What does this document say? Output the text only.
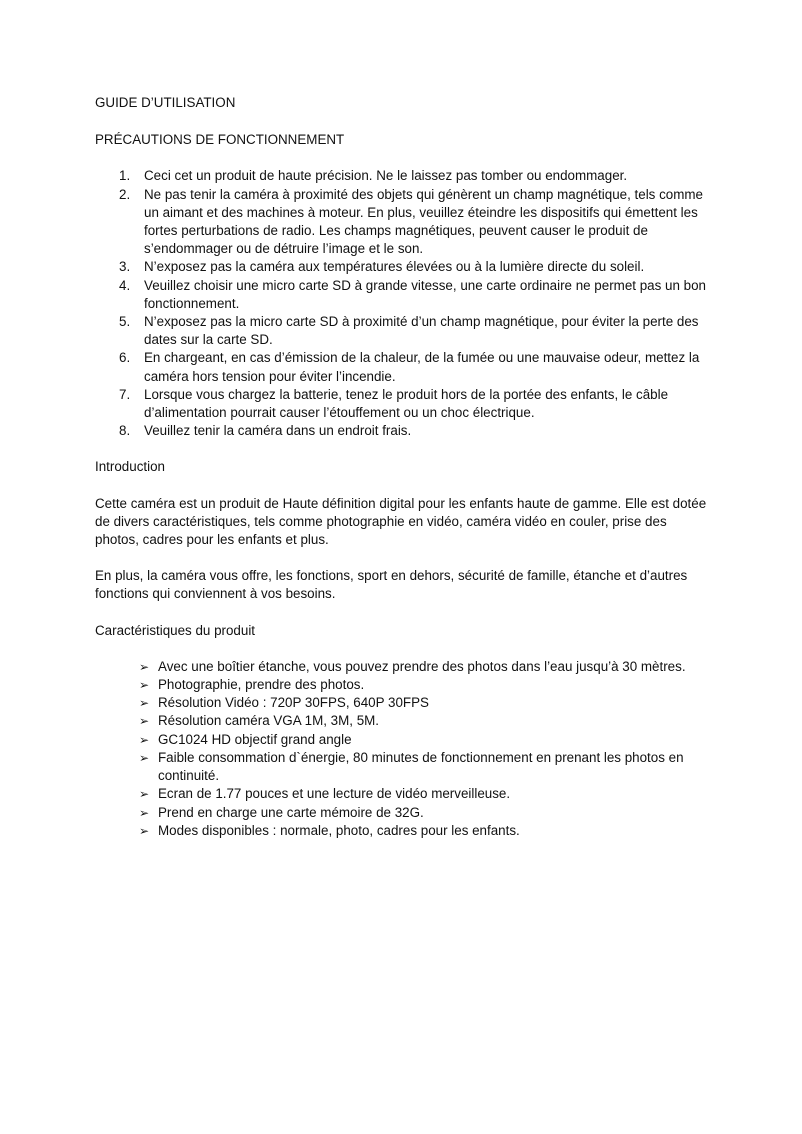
GUIDE D’UTILISATION

PRÉCAUTIONS DE FONCTIONNEMENT

1. Ceci cet un produit de haute précision. Ne le laissez pas tomber ou endommager.
2. Ne pas tenir la caméra à proximité des objets qui génèrent un champ magnétique, tels comme un aimant et des machines à moteur. En plus, veuillez éteindre les dispositifs qui émettent les fortes perturbations de radio. Les champs magnétiques, peuvent causer le produit de s’endommager ou de détruire l’image et le son.
3. N’exposez pas la caméra aux températures élevées ou à la lumière directe du soleil.
4. Veuillez choisir une micro carte SD à grande vitesse, une carte ordinaire ne permet pas un bon fonctionnement.
5. N’exposez pas la micro carte SD à proximité d’un champ magnétique, pour éviter la perte des dates sur la carte SD.
6. En chargeant, en cas d’émission de la chaleur, de la fumée ou une mauvaise odeur, mettez la caméra hors tension pour éviter l’incendie.
7. Lorsque vous chargez la batterie, tenez le produit hors de la portée des enfants, le câble d’alimentation pourrait causer l’étouffement ou un choc électrique.
8. Veuillez tenir la caméra dans un endroit frais.

Introduction

Cette caméra est un produit de Haute définition digital pour les enfants haute de gamme. Elle est dotée de divers caractéristiques, tels comme photographie en vidéo, caméra vidéo en couler, prise des photos, cadres pour les enfants et plus.

En plus, la caméra vous offre, les fonctions, sport en dehors, sécurité de famille, étanche et d’autres fonctions qui conviennent à vos besoins.

Caractéristiques du produit

➢ Avec une boîtier étanche, vous pouvez prendre des photos dans l’eau jusqu’à 30 mètres.
➢ Photographie, prendre des photos.
➢ Résolution Vidéo : 720P 30FPS, 640P 30FPS
➢ Résolution caméra VGA 1M, 3M, 5M.
➢ GC1024 HD objectif grand angle
➢ Faible consommation d`énergie, 80 minutes de fonctionnement en prenant les photos en continuité.
➢ Ecran de 1.77 pouces et une lecture de vidéo merveilleuse.
➢ Prend en charge une carte mémoire de 32G.
➢ Modes disponibles : normale, photo, cadres pour les enfants.
